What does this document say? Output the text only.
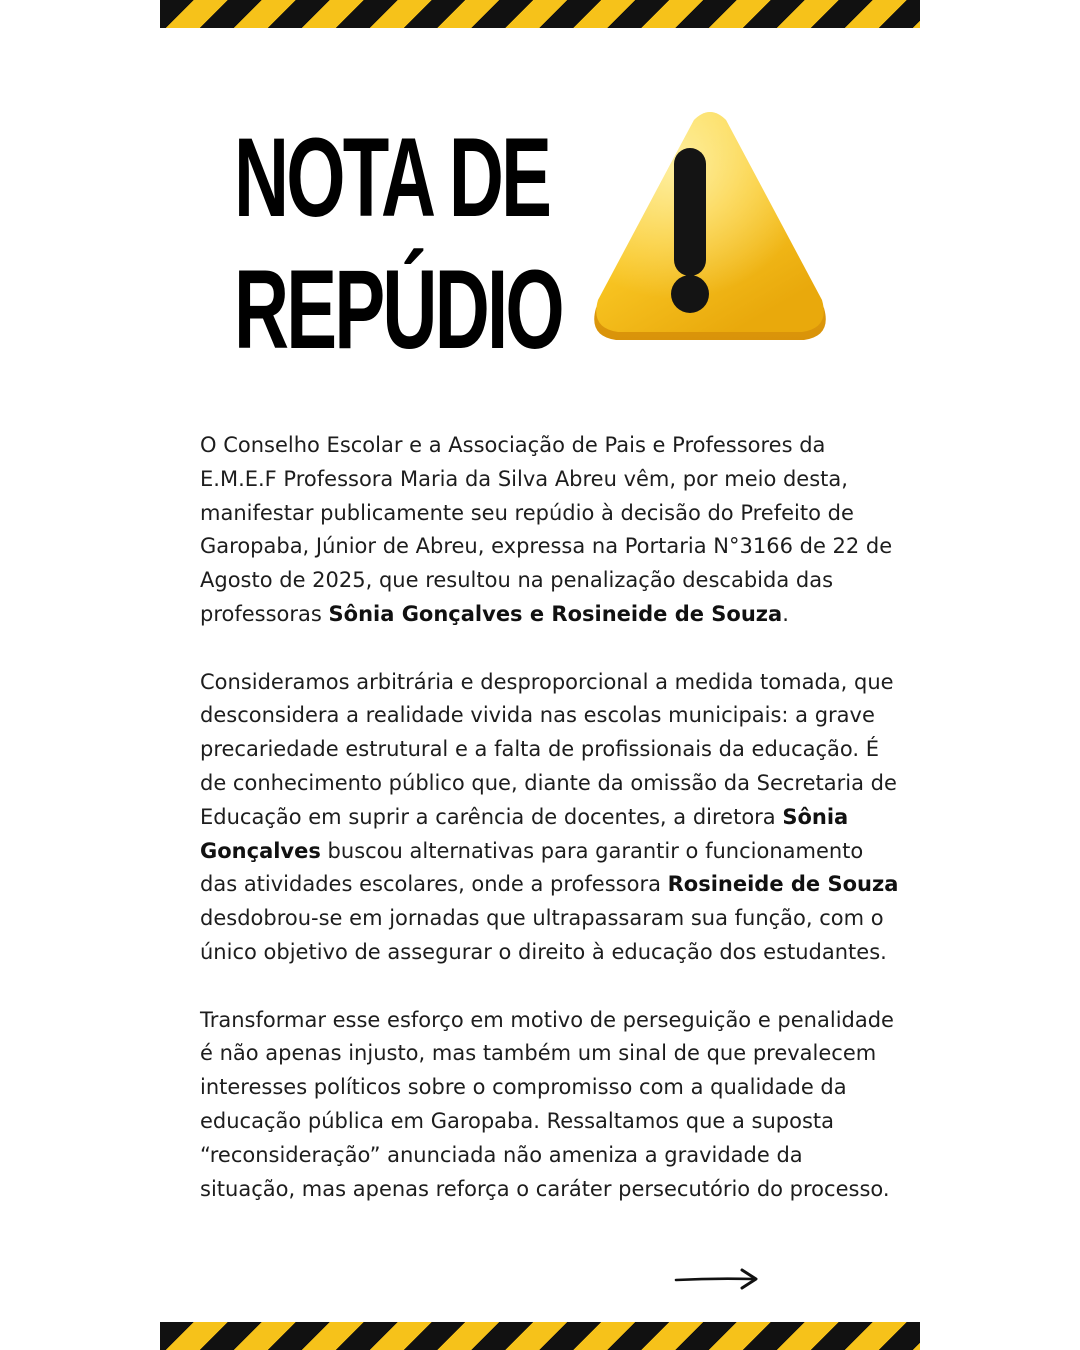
NOTA DE
REPÚDIO

O Conselho Escolar e a Associação de Pais e Professores da E.M.E.F Professora Maria da Silva Abreu vêm, por meio desta, manifestar publicamente seu repúdio à decisão do Prefeito de Garopaba, Júnior de Abreu, expressa na Portaria N°3166 de 22 de Agosto de 2025, que resultou na penalização descabida das professoras Sônia Gonçalves e Rosineide de Souza.

Consideramos arbitrária e desproporcional a medida tomada, que desconsidera a realidade vivida nas escolas municipais: a grave precariedade estrutural e a falta de profissionais da educação. É de conhecimento público que, diante da omissão da Secretaria de Educação em suprir a carência de docentes, a diretora Sônia Gonçalves buscou alternativas para garantir o funcionamento das atividades escolares, onde a professora Rosineide de Souza desdobrou-se em jornadas que ultrapassaram sua função, com o único objetivo de assegurar o direito à educação dos estudantes.

Transformar esse esforço em motivo de perseguição e penalidade é não apenas injusto, mas também um sinal de que prevalecem interesses políticos sobre o compromisso com a qualidade da educação pública em Garopaba. Ressaltamos que a suposta “reconsideração” anunciada não ameniza a gravidade da situação, mas apenas reforça o caráter persecutório do processo.
